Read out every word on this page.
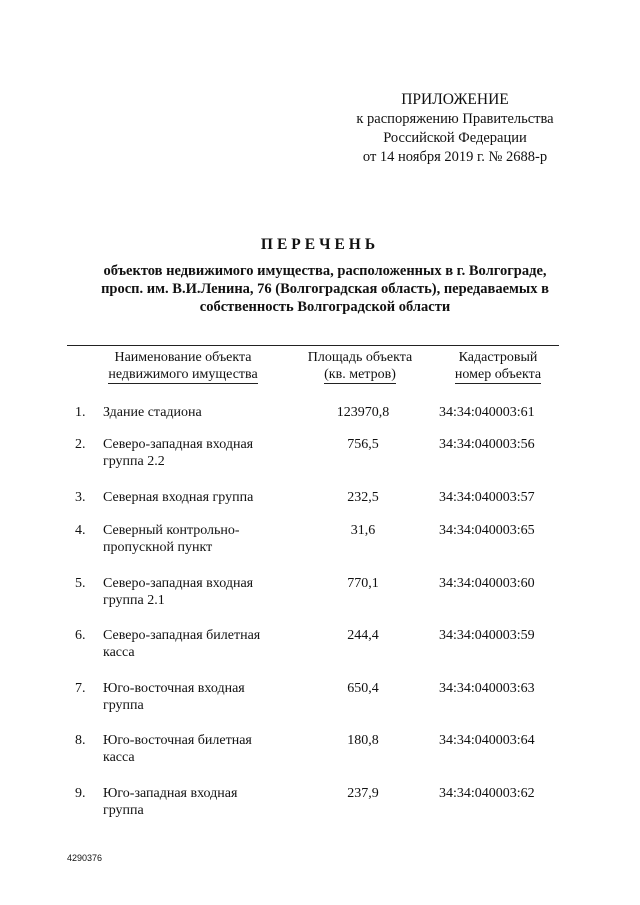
ПРИЛОЖЕНИЕ
к распоряжению Правительства
Российской Федерации
от 14 ноября 2019 г. № 2688-р
ПЕРЕЧЕНЬ
объектов недвижимого имущества, расположенных в г. Волгограде,
просп. им. В.И.Ленина, 76 (Волгоградская область), передаваемых в
собственность Волгоградской области
Наименование объекта
недвижимого имущества
Площадь объекта
(кв. метров)
Кадастровый
номер объекта
1.	Здание стадиона	123970,8	34:34:040003:61
2.	Северо-западная входная
группа 2.2
756,5	34:34:040003:56
3.	Северная входная группа	232,5	34:34:040003:57
4.	Северный контрольно-
пропускной пункт
31,6	34:34:040003:65
5.	Северо-западная входная
группа 2.1
770,1	34:34:040003:60
6.	Северо-западная билетная
касса
244,4	34:34:040003:59
7.	Юго-восточная входная
группа
650,4	34:34:040003:63
8.	Юго-восточная билетная
касса
180,8	34:34:040003:64
9.	Юго-западная входная
группа
237,9	34:34:040003:62
4290376
